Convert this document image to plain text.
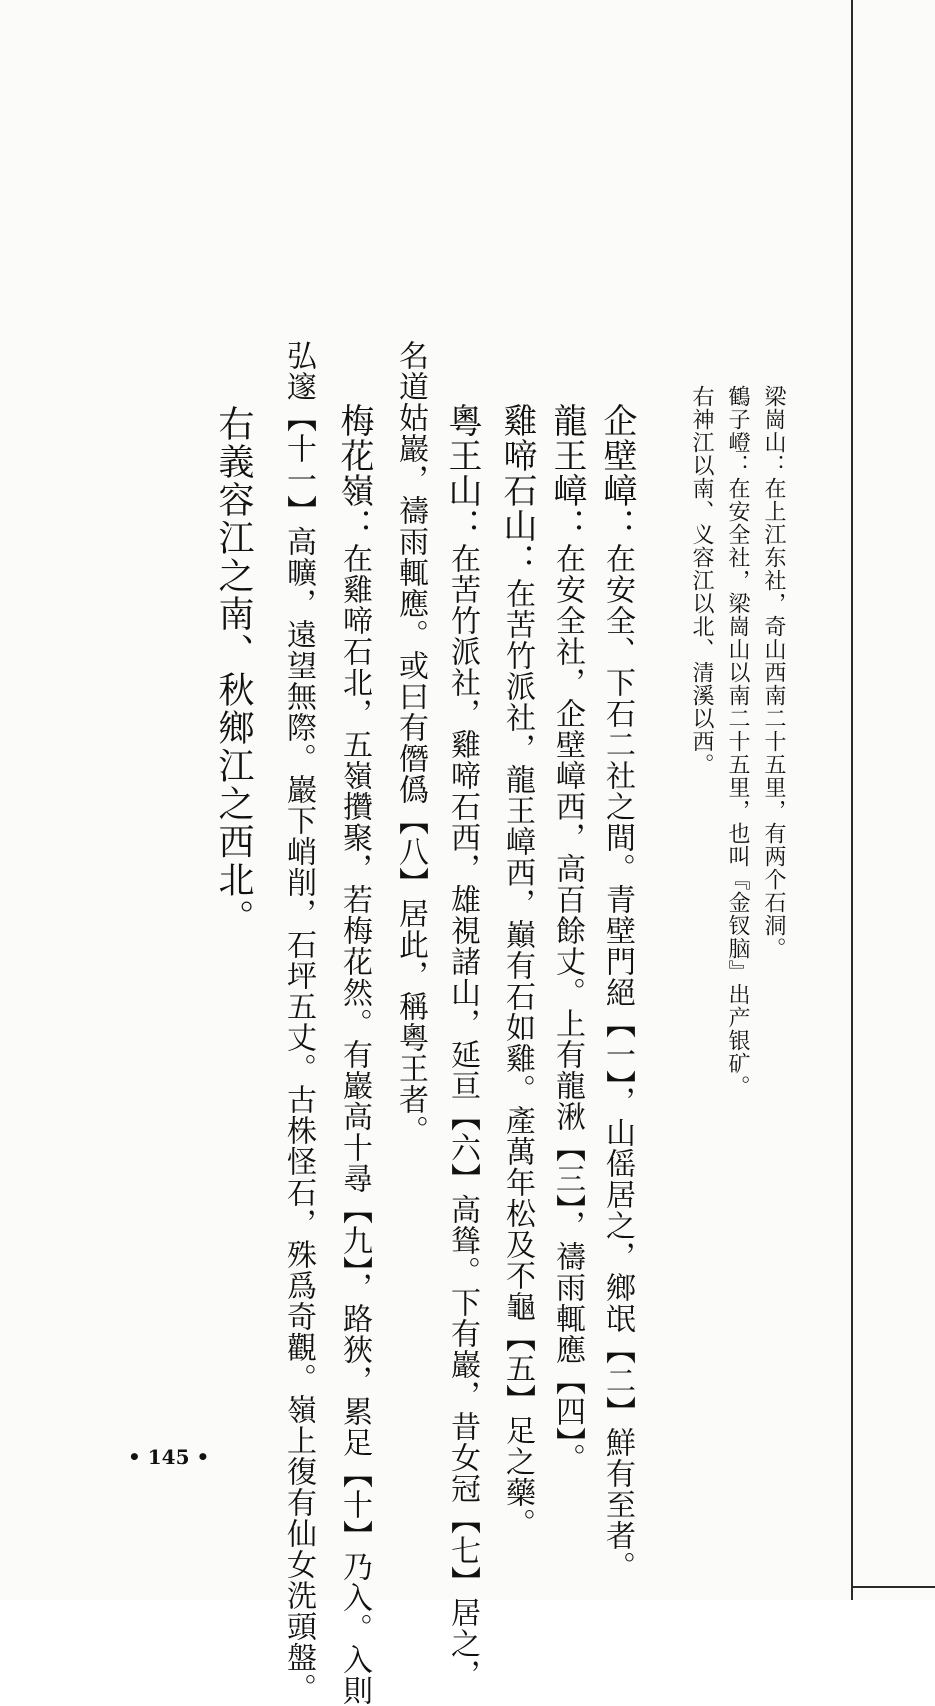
梁崗山：在上江东社，奇山西南二十五里，有两个石洞。
鶴子嶝：在安全社，梁崗山以南二十五里，也叫『金钗脑』出产银矿。
右神江以南、义容江以北、清溪以西。
企壁嶂：在安全、下石二社之間。青壁門絕【一】，山傜居之，鄉氓【二】鮮有至者。
龍王嶂：在安全社，企壁嶂西，高百餘丈。上有龍湫【三】，禱雨輒應【四】。
雞啼石山：在苦竹派社，龍王嶂西，巔有石如雞。產萬年松及不龜【五】足之藥。
粵王山：在苦竹派社，雞啼石西，雄視諸山，延亘【六】高聳。下有巖，昔女冠【七】居之，
名道姑巖，禱雨輒應。或曰有僭僞【八】居此，稱粵王者。
梅花嶺：在雞啼石北，五嶺攢聚，若梅花然。有巖高十尋【九】，路狹，累足【十】乃入。入則
弘邃【十一】高曠，遠望無際。巖下峭削，石坪五丈。古株怪石，殊爲奇觀。嶺上復有仙女洗頭盤。
右義容江之南、秋鄉江之西北。
• 145 •
